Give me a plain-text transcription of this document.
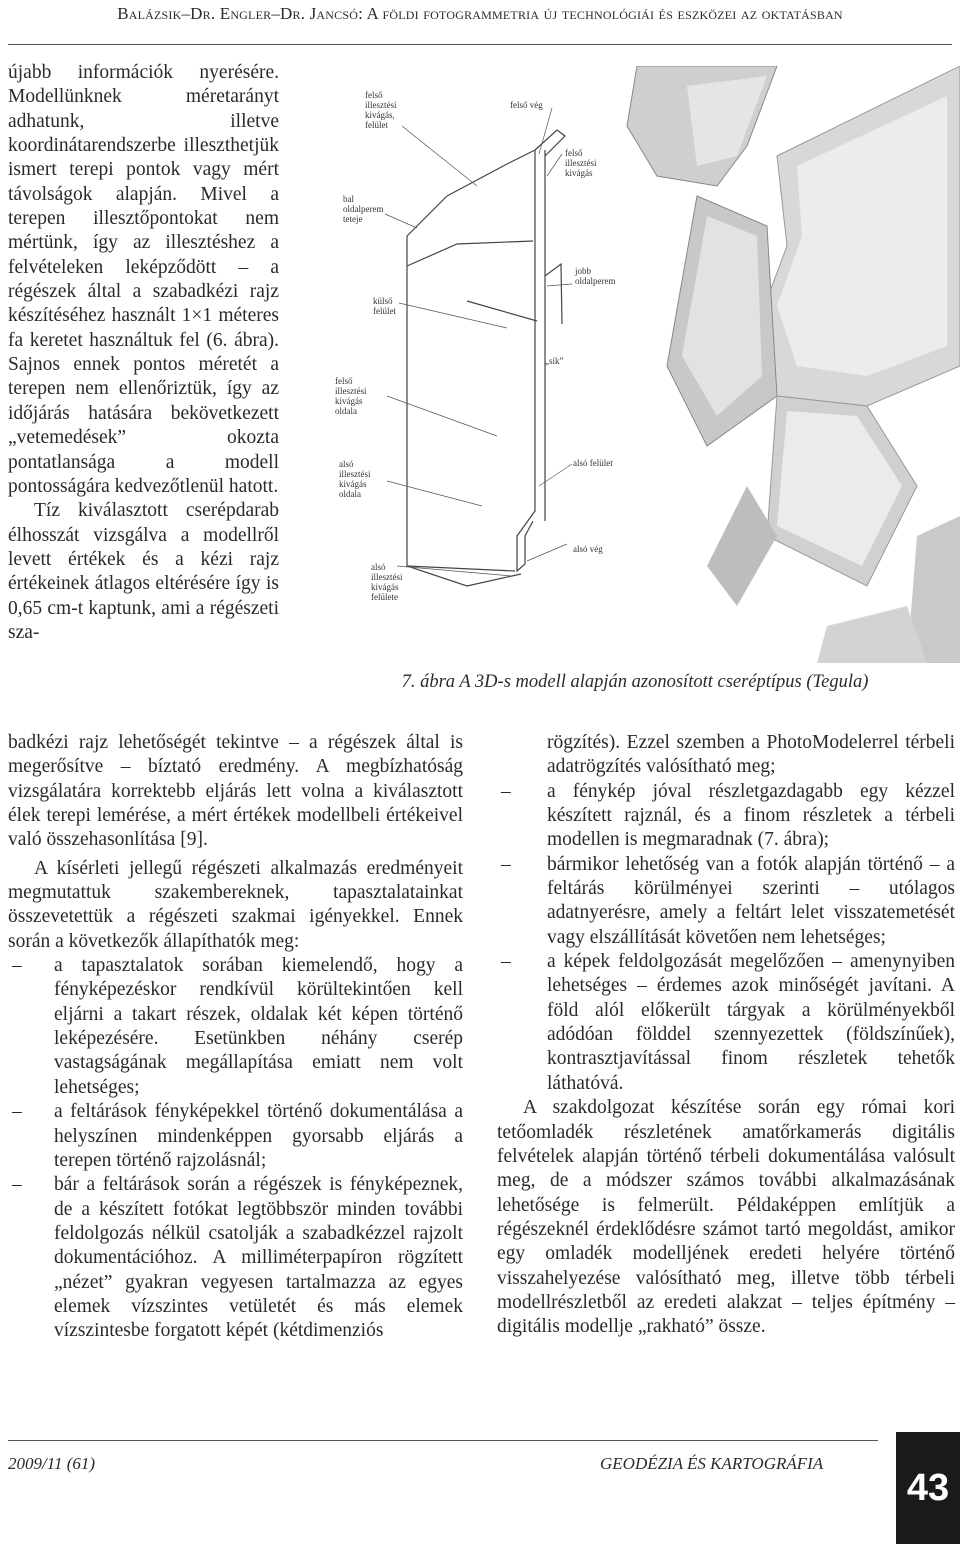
Balázsik–Dr. Engler–Dr. Jancsó: A földi fotogrammetria új technológiái és eszközei az oktatásban

újabb információk nyerésére. Modellünknek méretarányt adhatunk, illetve koordinátarendszerbe illeszthetjük ismert terepi pontok vagy mért távolságok alapján. Mivel a terepen illesztőpontokat nem mértünk, így az illesztéshez a felvételeken leképződött – a régészek által a szabadkézi rajz készítéséhez használt 1×1 méteres fa keretet használtuk fel (6. ábra). Sajnos ennek pontos méretét a terepen nem ellenőriztük, így az időjárás hatására bekövetkezett „vetemedések” okozta pontatlansága a modell pontosságára kedvezőtlenül hatott.

Tíz kiválasztott cserépdarab élhosszát vizsgálva a modellről levett értékek és a kézi rajz értékeinek átlagos eltérésére így is 0,65 cm-t kaptunk, ami a régészeti sza-

felső
illesztési
kivágás,
felület
felső vég
felső
illesztési
kivágás
bal
oldalperem
teteje
jobb
oldalperem
külső
felület
„sík”
felső
illesztési
kivágás
oldala
alsó felület
alsó
illesztési
kivágás
oldala
alsó vég
alsó
illesztési
kivágás
felülete
7. ábra A 3D-s modell alapján azonosított cseréptípus (Tegula)

badkézi rajz lehetőségét tekintve – a régészek által is megerősítve – bíztató eredmény. A megbízhatóság vizsgálatára korrektebb eljárás lett volna a kiválasztott élek terepi lemérése, a mért értékek modellbeli értékeivel való összehasonlítása [9].

A kísérleti jellegű régészeti alkalmazás eredményeit megmutattuk szakembereknek, tapasztalatainkat összevetettük a régészeti szakmai igényekkel. Ennek során a következők állapíthatók meg:

– a tapasztalatok sorában kiemelendő, hogy a fényképezéskor rendkívül körültekintően kell eljárni a takart részek, oldalak két képen történő leképezésére. Esetünkben néhány cserép vastagságának megállapítása emiatt nem volt lehetséges;
– a feltárások fényképekkel történő dokumentálása a helyszínen mindenképpen gyorsabb eljárás a terepen történő rajzolásnál;
– bár a feltárások során a régészek is fényképeznek, de a készített fotókat legtöbbször minden további feldolgozás nélkül csatolják a szabadkézzel rajzolt dokumentációhoz. A milliméterpapíron rögzített „nézet” gyakran vegyesen tartalmazza az egyes elemek vízszintes vetületét és más elemek vízszintesbe forgatott képét (kétdimenziós

rögzítés). Ezzel szemben a PhotoModelerrel térbeli adatrögzítés valósítható meg;

– a fénykép jóval részletgazdagabb egy kézzel készített rajznál, és a finom részletek a térbeli modellen is megmaradnak (7. ábra);
– bármikor lehetőség van a fotók alapján történő – a feltárás körülményei szerinti – utólagos adatnyerésre, amely a feltárt lelet visszatemetését vagy elszállítását követően nem lehetséges;
– a képek feldolgozását megelőzően – amenynyiben lehetséges – érdemes azok minőségét javítani. A föld alól előkerült tárgyak a körülményekből adódóan földdel szennyezettek (földszínűek), kontrasztjavítással finom részletek tehetők láthatóvá.

A szakdolgozat készítése során egy római kori tetőomladék részletének amatőrkamerás digitális felvételek alapján történő térbeli dokumentálása valósult meg, de a módszer számos további alkalmazásának lehetősége is felmerült. Példaképpen említjük a régészeknél érdeklődésre számot tartó megoldást, amikor egy omladék modelljének eredeti helyére történő visszahelyezése valósítható meg, illetve több térbeli modellrészletből az eredeti alakzat – teljes építmény – digitális modellje „rakható” össze.

2009/11 (61)	GEODÉZIA ÉS KARTOGRÁFIA
43
